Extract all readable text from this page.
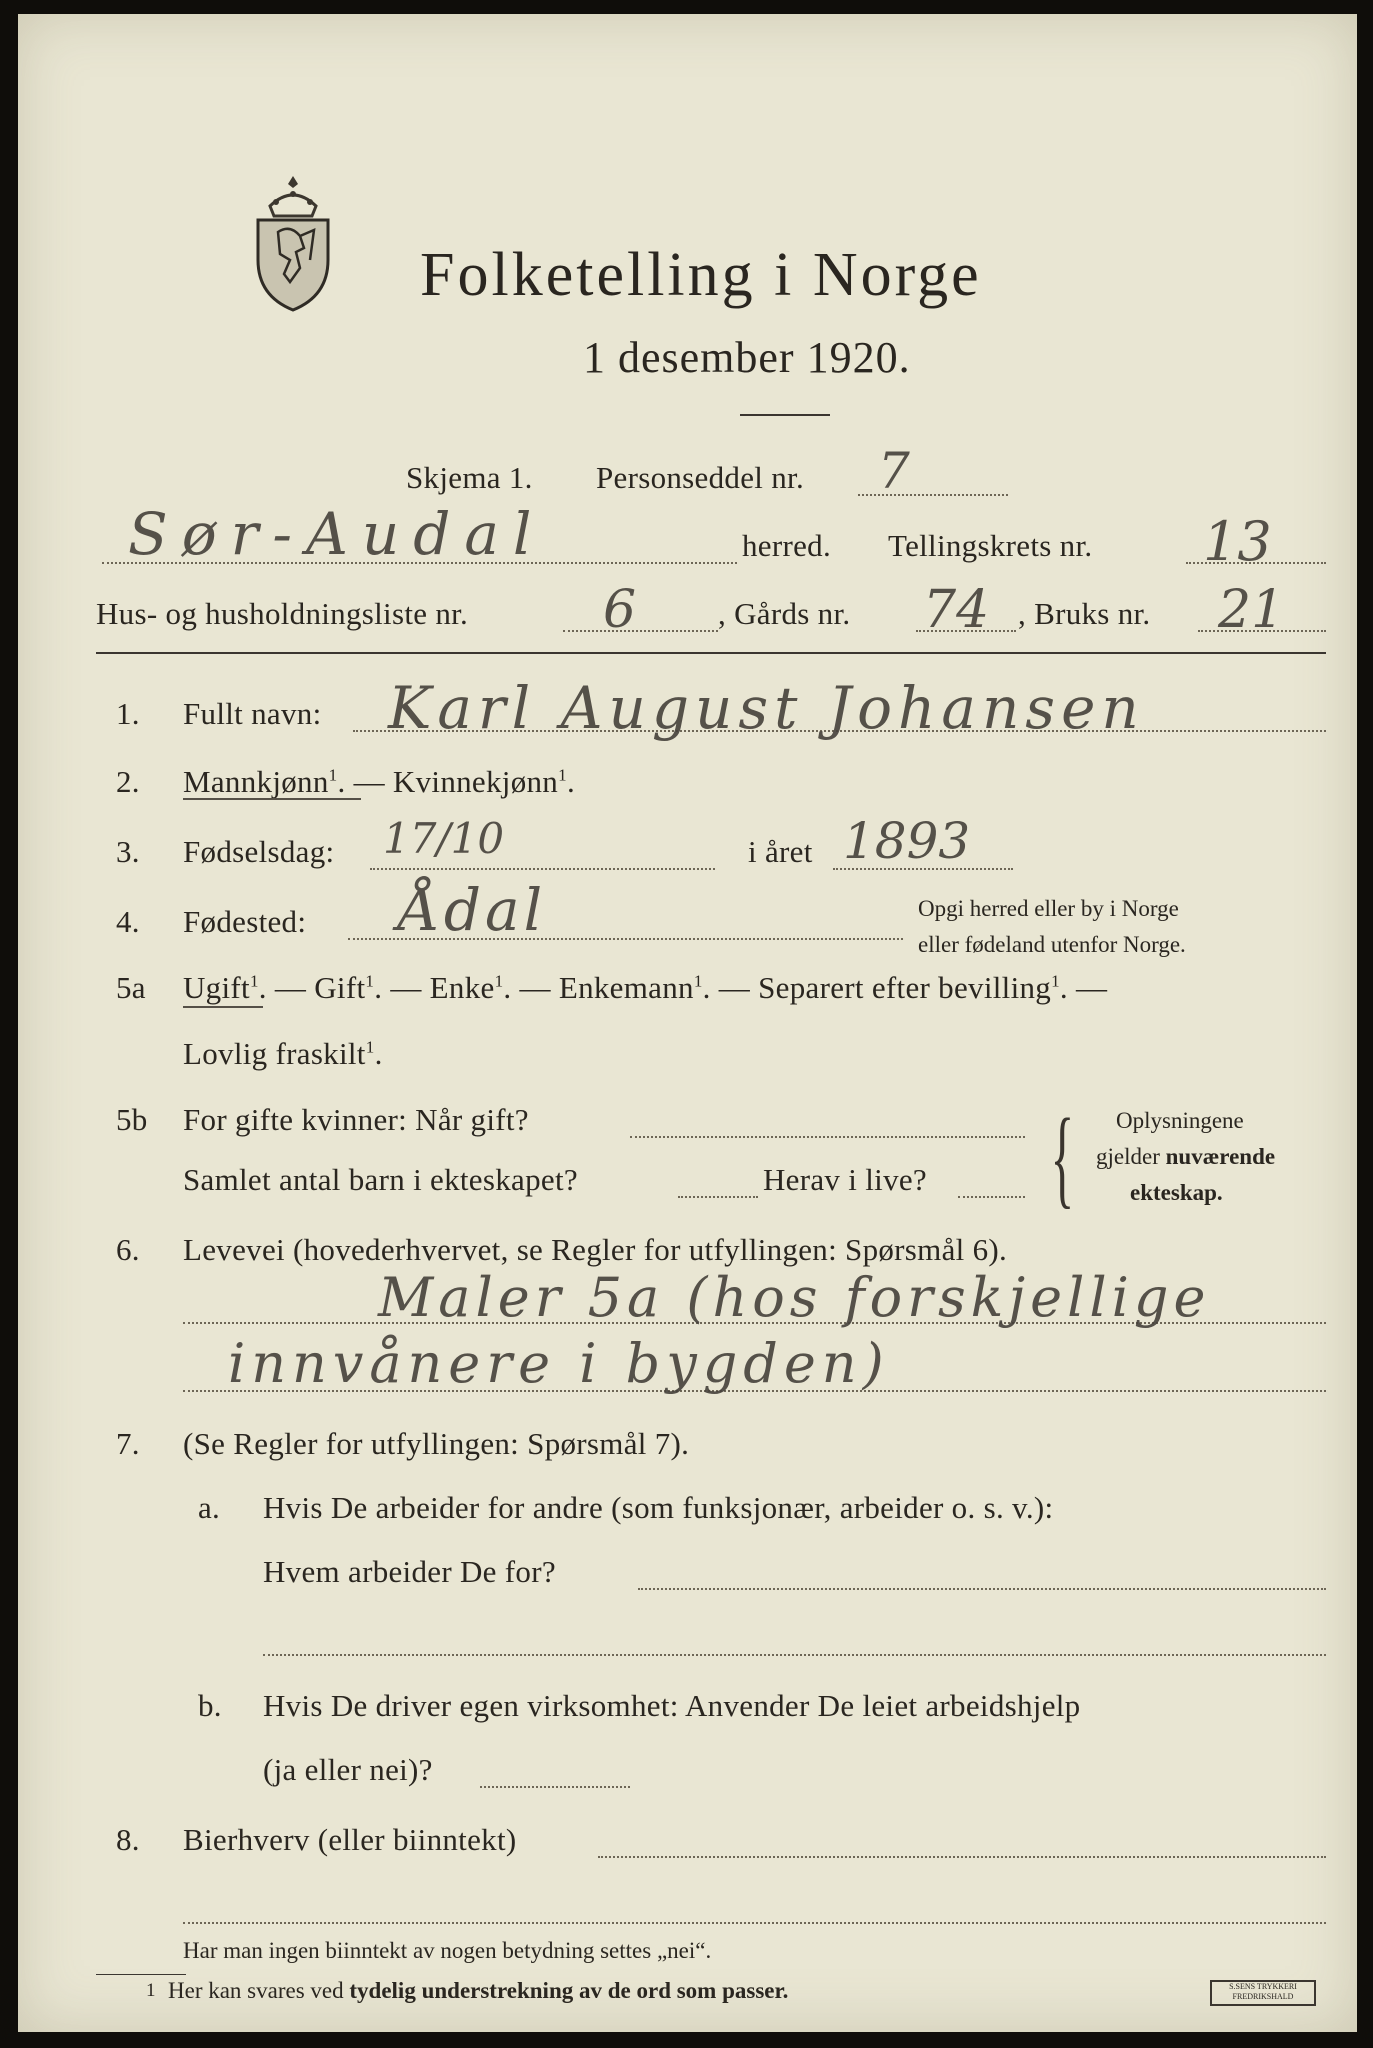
Folketelling i Norge
1 desember 1920.
Skjema 1. Personseddel nr. 7
Sør-Audal	herred. Tellingskrets nr. 13
Hus- og husholdningsliste nr.	6	, Gårds nr. 74 , Bruks nr. 21
1. Fullt navn: Karl August Johansen
2. Mannkjønn$^1$. — Kvinnekjønn$^1$.
3. Fødselsdag: 17/10	i året 1893
4. Fødested: Ådal	Opgi herred eller by i Norge
eller fødeland utenfor Norge.
5a Ugift$^1$. — Gift$^1$. — Enke$^1$. — Enkemann$^1$. — Separert efter bevilling$^1$. —
Lovlig fraskilt$^1$.
5b For gifte kvinner: Når gift?
Samlet antal barn i ekteskapet?	Herav i live? { Oplysningene
gjelder nuværende
ekteskap.
6. Levevei (hovederhvervet, se Regler for utfyllingen: Spørsmål 6).
Maler 5a (hos forskjellige
innvånere i bygden)
7. (Se Regler for utfyllingen: Spørsmål 7).
a. Hvis De arbeider for andre (som funksjonær, arbeider o. s. v.):
Hvem arbeider De for?
b. Hvis De driver egen virksomhet: Anvender De leiet arbeidshjelp
(ja eller nei)?
8. Bierhverv (eller biinntekt)
Har man ingen biinntekt av nogen betydning settes „nei“.
1 Her kan svares ved tydelig understrekning av de ord som passer.	S.SENS TRYKKERI FREDRIKSHALD
